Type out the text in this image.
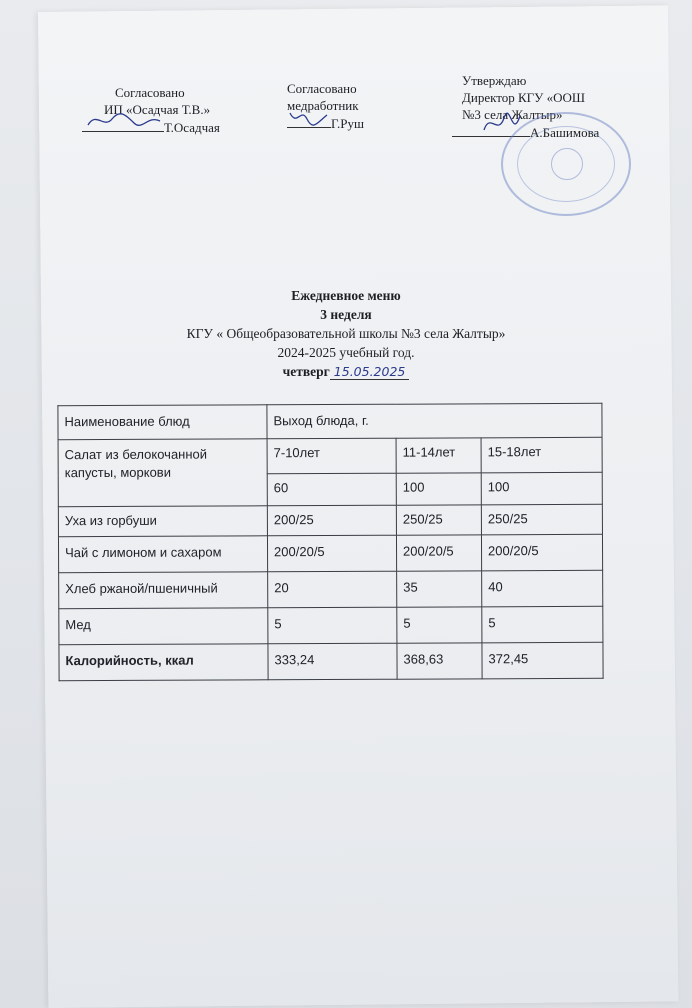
Согласовано
ИП «Осадчая Т.В.»
Т.Осадчая
Согласовано
медработник
Г.Руш
Утверждаю
Директор КГУ «ООШ
№3 села Жалтыр»
А.Башимова
Ежедневное меню
3 неделя
КГУ « Общеобразовательной школы №3 села Жалтыр»
2024-2025 учебный год.
четверг 15.05.2025
Наименование блюд	Выход блюда, г.		
Салат из белокочанной капусты, моркови	7-10лет	11-14лет	15-18лет
	60	100	100
Уха из горбуши	200/25	250/25	250/25
Чай с лимоном и сахаром	200/20/5	200/20/5	200/20/5
Хлеб ржаной/пшеничный	20	35	40
Мед	5	5	5
Калорийность, ккал	333,24	368,63	372,45
